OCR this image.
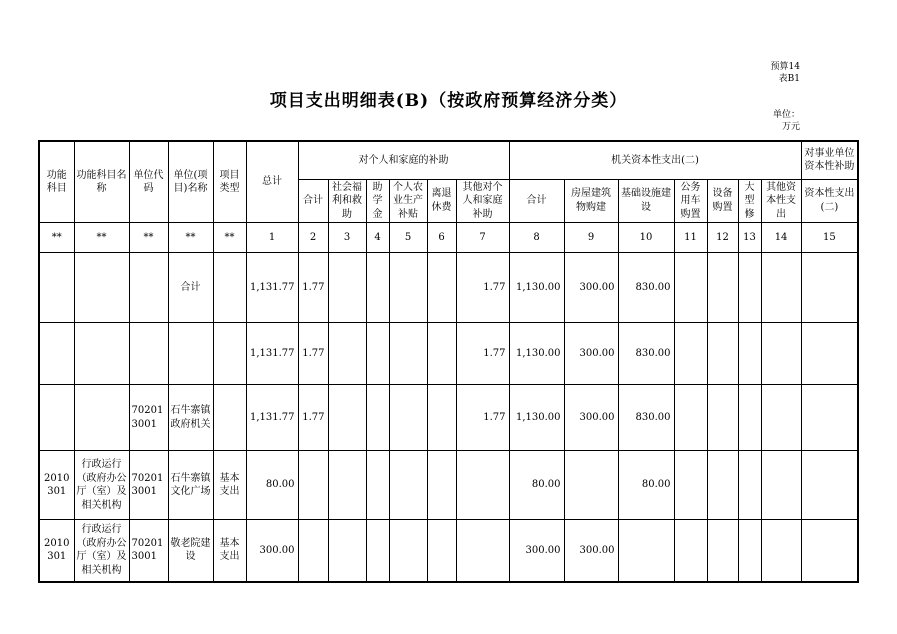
预算14
表B1
项目支出明细表(B)（按政府预算经济分类）
单位：
万元
功能科目	功能科目名称	单位代码	单位(项目)名称	项目类型	总计	对个人和家庭的补助						机关资本性支出(二)							对事业单位资本性补助
						合计	社会福利和救助	助学金	个人农业生产补贴	离退休费	其他对个人和家庭补助	合计	房屋建筑物购建	基础设施建设	公务用车购置	设备购置	大型修	其他资本性支出	资本性支出(二)
**	**	**	**	**	1	2	3	4	5	6	7	8	9	10	11	12	13	14	15
			合计		1,131.77	1.77					1.77	1,130.00	300.00	830.00					
					1,131.77	1.77					1.77	1,130.00	300.00	830.00					
		702013001	石牛寨镇政府机关		1,131.77	1.77					1.77	1,130.00	300.00	830.00					
2010301	行政运行（政府办公厅（室）及相关机构	702013001	石牛寨镇文化广场	基本支出	80.00							80.00		80.00					
2010301	行政运行（政府办公厅（室）及相关机构	702013001	敬老院建设	基本支出	300.00							300.00	300.00						
